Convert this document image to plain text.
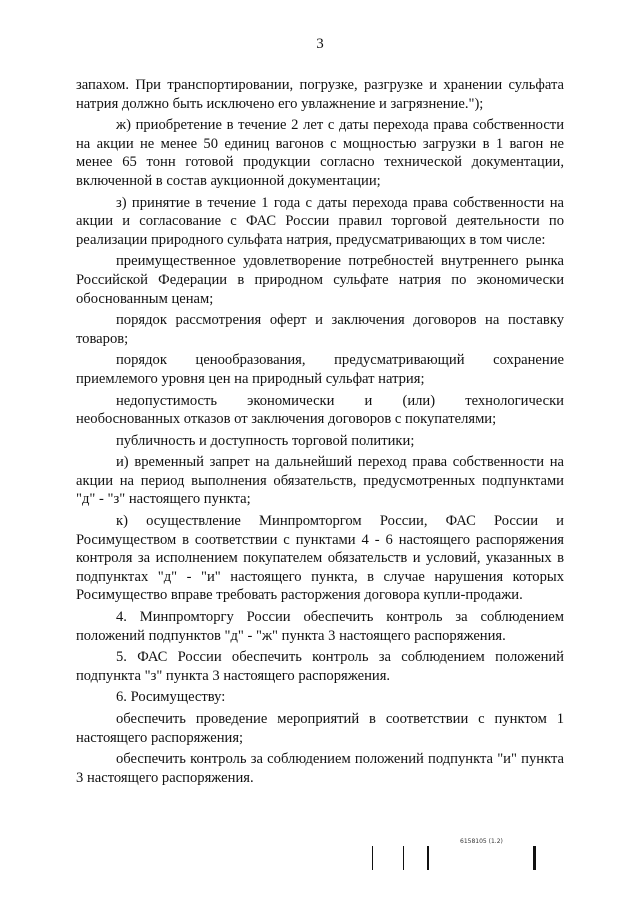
3

запахом. При транспортировании, погрузке, разгрузке и хранении сульфата натрия должно быть исключено его увлажнение и загрязнение.");

ж) приобретение в течение 2 лет с даты перехода права собственности на акции не менее 50 единиц вагонов с мощностью загрузки в 1 вагон не менее 65 тонн готовой продукции согласно технической документации, включенной в состав аукционной документации;

з) принятие в течение 1 года с даты перехода права собственности на акции и согласование с ФАС России правил торговой деятельности по реализации природного сульфата натрия, предусматривающих в том числе:

преимущественное удовлетворение потребностей внутреннего рынка Российской Федерации в природном сульфате натрия по экономически обоснованным ценам;

порядок рассмотрения оферт и заключения договоров на поставку товаров;

порядок ценообразования, предусматривающий сохранение приемлемого уровня цен на природный сульфат натрия;

недопустимость экономически и (или) технологически необоснованных отказов от заключения договоров с покупателями;

публичность и доступность торговой политики;

и) временный запрет на дальнейший переход права собственности на акции на период выполнения обязательств, предусмотренных подпунктами "д" - "з" настоящего пункта;

к) осуществление Минпромторгом России, ФАС России и Росимуществом в соответствии с пунктами 4 - 6 настоящего распоряжения контроля за исполнением покупателем обязательств и условий, указанных в подпунктах "д" - "и" настоящего пункта, в случае нарушения которых Росимущество вправе требовать расторжения договора купли-продажи.

4. Минпромторгу России обеспечить контроль за соблюдением положений подпунктов "д" - "ж" пункта 3 настоящего распоряжения.

5. ФАС России обеспечить контроль за соблюдением положений подпункта "з" пункта 3 настоящего распоряжения.

6. Росимуществу:

обеспечить проведение мероприятий в соответствии с пунктом 1 настоящего распоряжения;

обеспечить контроль за соблюдением положений подпункта "и" пункта 3 настоящего распоряжения.

6158105 (1.2)
